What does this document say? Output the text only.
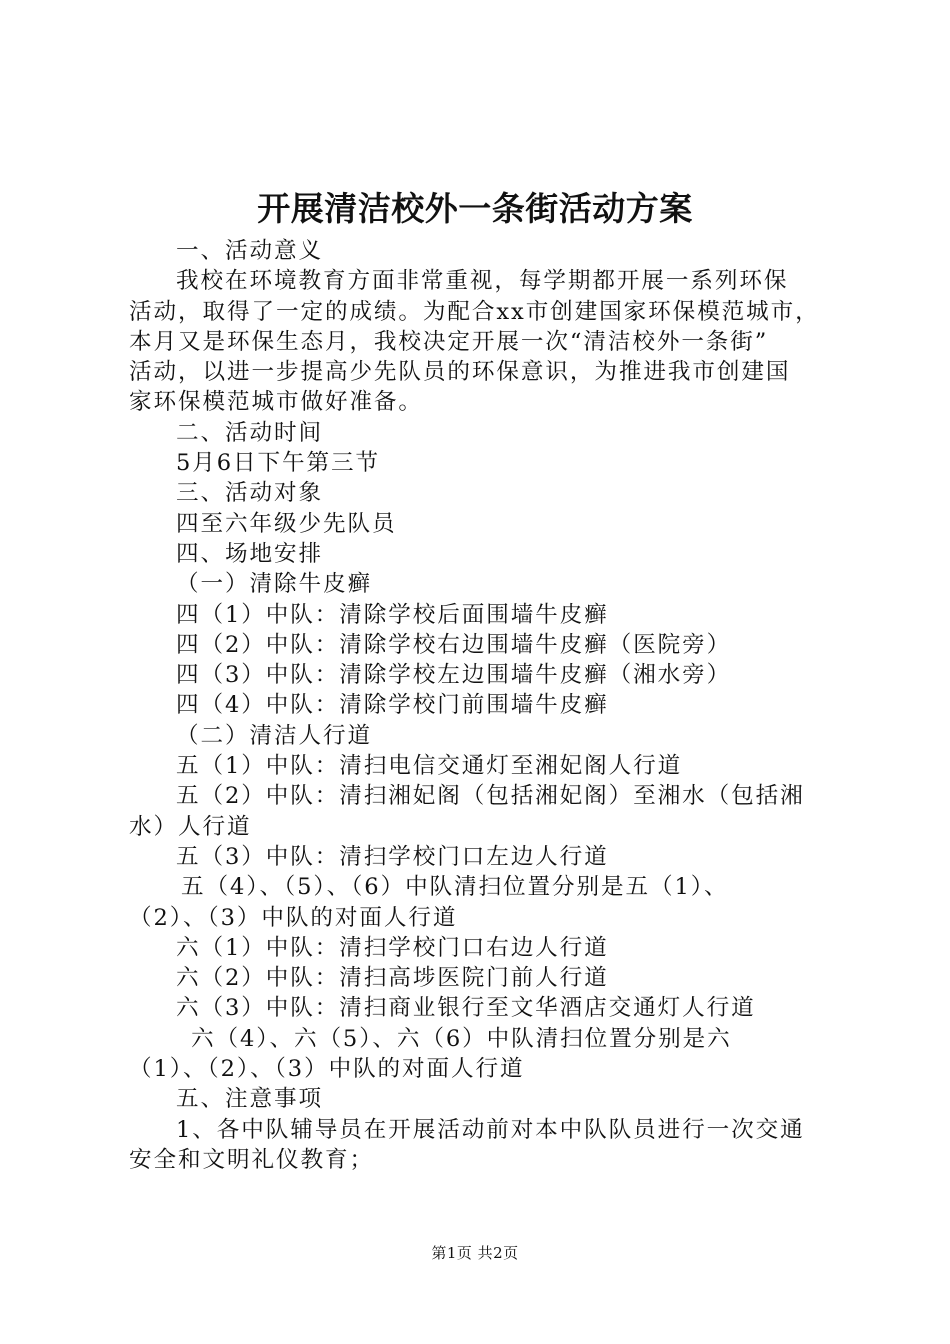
开展清洁校外一条街活动方案
一、活动意义
我校在环境教育方面非常重视，每学期都开展一系列环保
活动，取得了一定的成绩。为配合xx市创建国家环保模范城市，
本月又是环保生态月，我校决定开展一次“清洁校外一条街”
活动，以进一步提高少先队员的环保意识，为推进我市创建国
家环保模范城市做好准备。
二、活动时间
5月6日下午第三节
三、活动对象
四至六年级少先队员
四、场地安排
（一）清除牛皮癣
四（1）中队：清除学校后面围墙牛皮癣
四（2）中队：清除学校右边围墙牛皮癣（医院旁）
四（3）中队：清除学校左边围墙牛皮癣（湘水旁）
四（4）中队：清除学校门前围墙牛皮癣
（二）清洁人行道
五（1）中队：清扫电信交通灯至湘妃阁人行道
五（2）中队：清扫湘妃阁（包括湘妃阁）至湘水（包括湘
水）人行道
五（3）中队：清扫学校门口左边人行道
五（4）、（5）、（6）中队清扫位置分别是五（1）、
（2）、（3）中队的对面人行道
六（1）中队：清扫学校门口右边人行道
六（2）中队：清扫高埗医院门前人行道
六（3）中队：清扫商业银行至文华酒店交通灯人行道
六（4）、六（5）、六（6）中队清扫位置分别是六
（1）、（2）、（3）中队的对面人行道
五、注意事项
1、各中队辅导员在开展活动前对本中队队员进行一次交通
安全和文明礼仪教育；
第1页 共2页
